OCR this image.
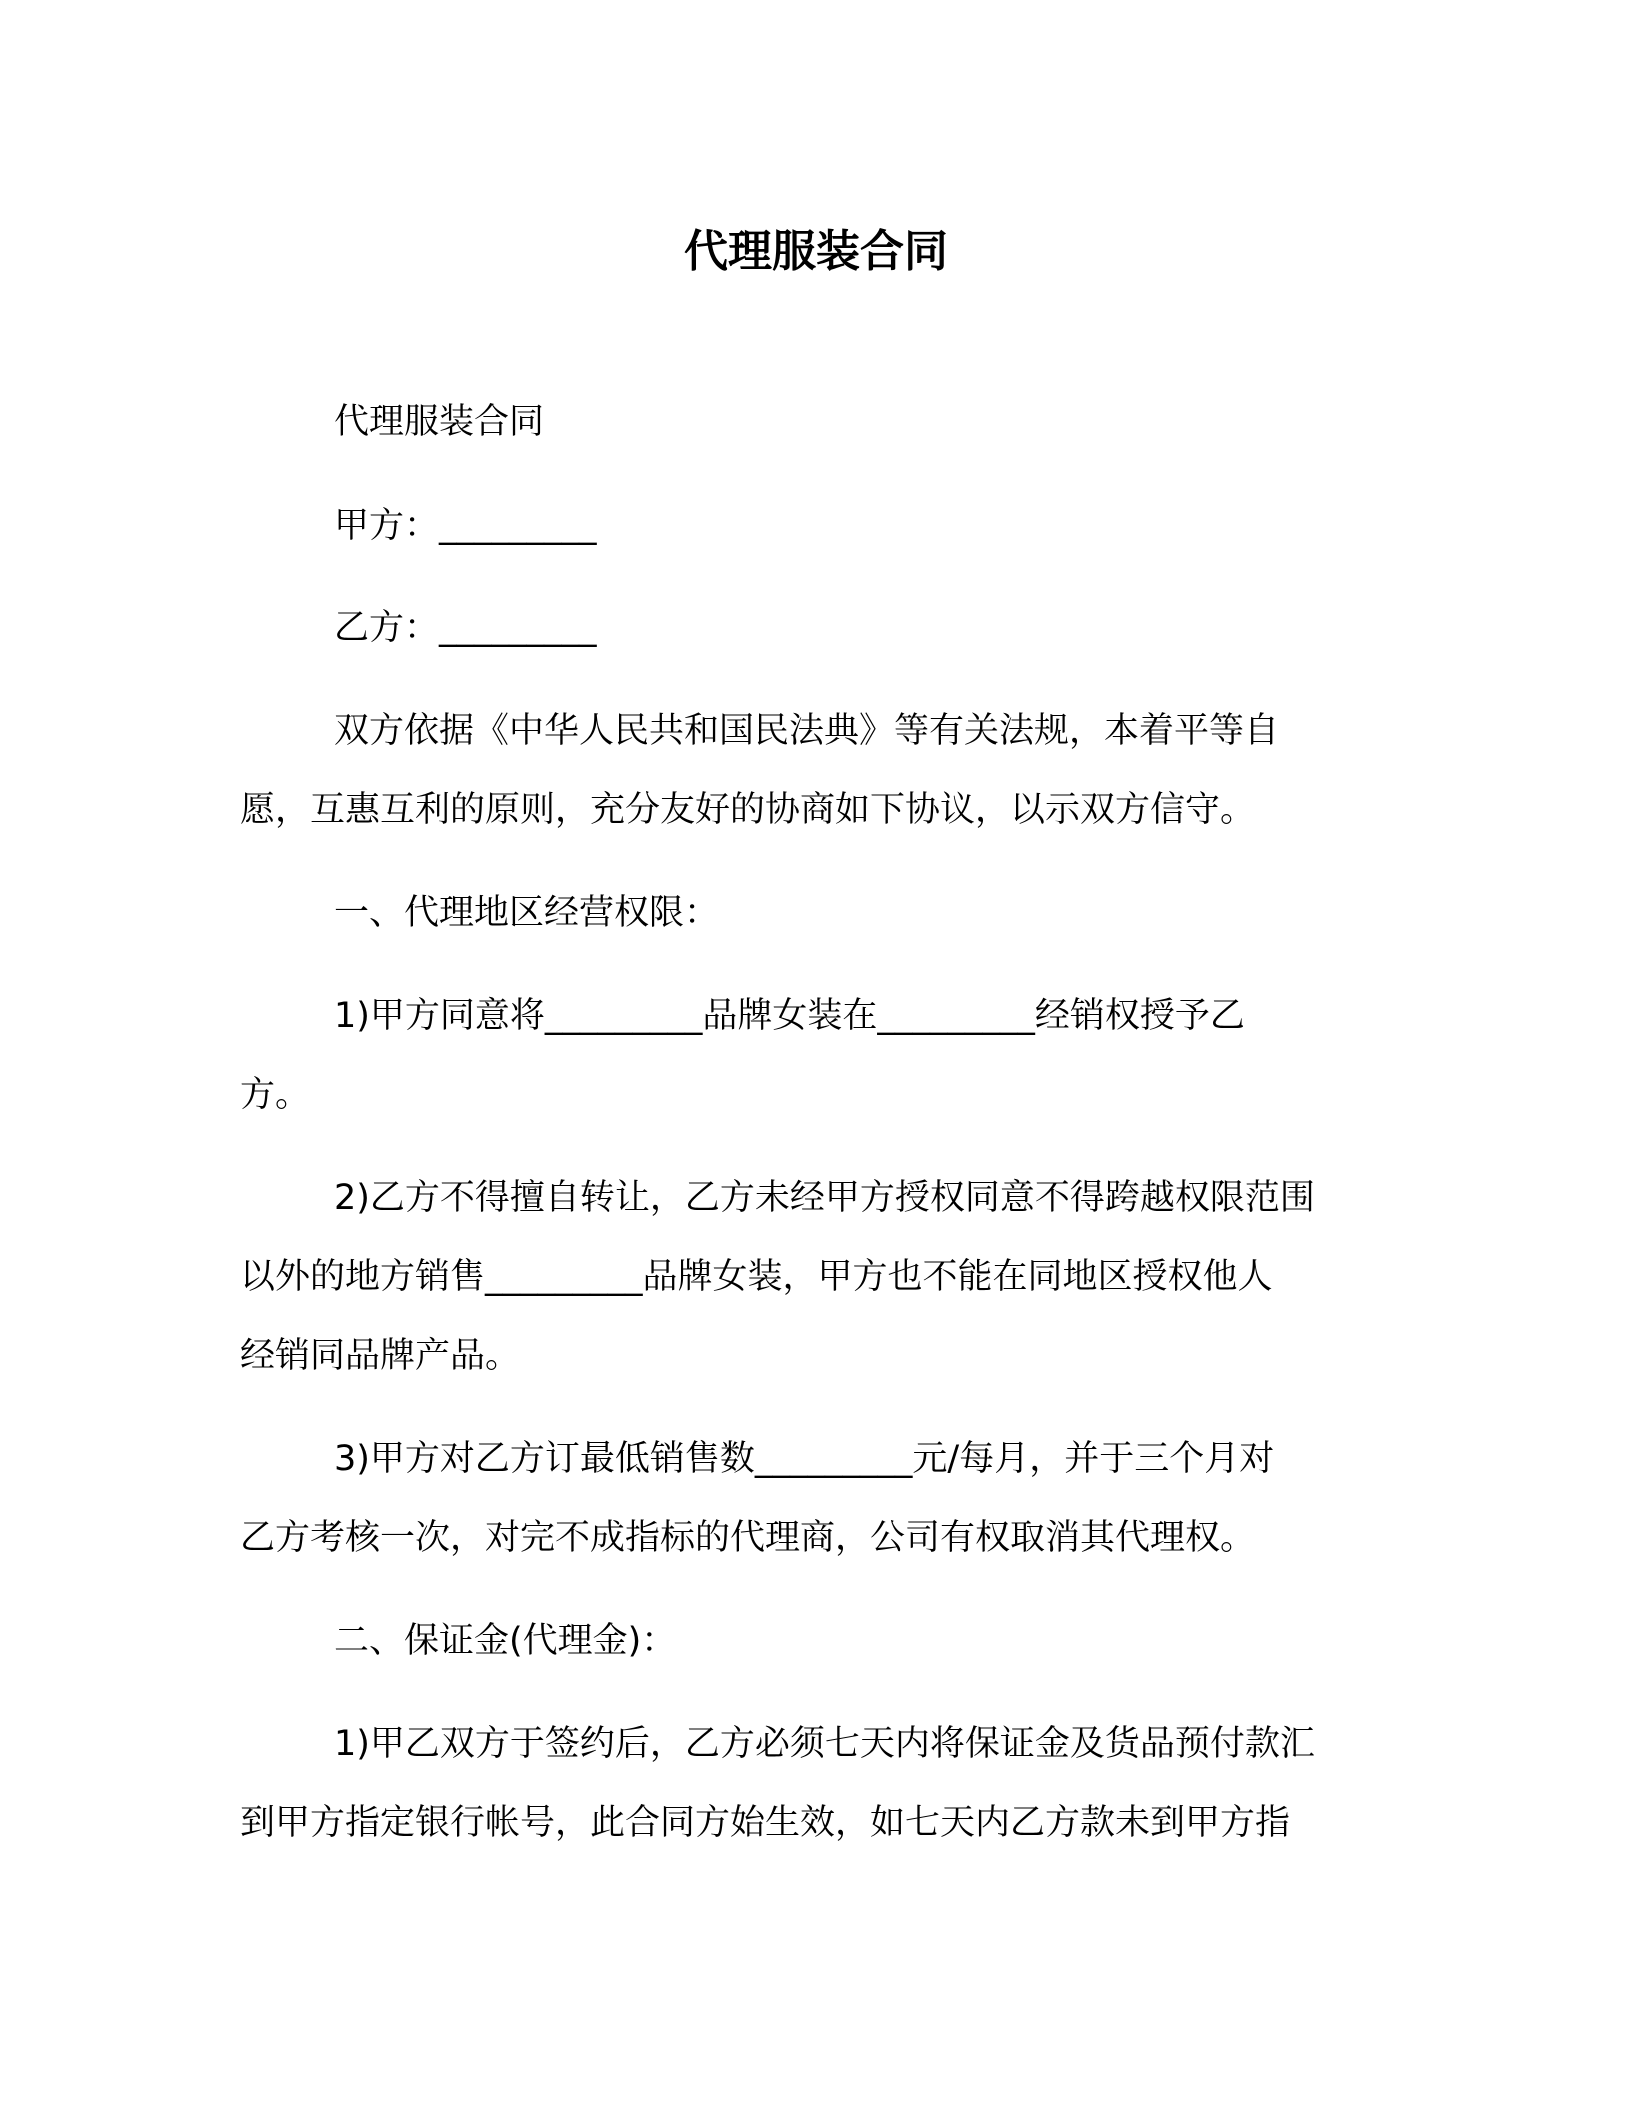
代理服装合同

代理服装合同

甲方：_________

乙方：_________

双方依据《中华人民共和国民法典》等有关法规，本着平等自

愿，互惠互利的原则，充分友好的协商如下协议，以示双方信守。

一、代理地区经营权限：

1)甲方同意将_________品牌女装在_________经销权授予乙

方。

2)乙方不得擅自转让，乙方未经甲方授权同意不得跨越权限范围

以外的地方销售_________品牌女装，甲方也不能在同地区授权他人

经销同品牌产品。

3)甲方对乙方订最低销售数_________元/每月，并于三个月对

乙方考核一次，对完不成指标的代理商，公司有权取消其代理权。

二、保证金(代理金)：

1)甲乙双方于签约后，乙方必须七天内将保证金及货品预付款汇

到甲方指定银行帐号，此合同方始生效，如七天内乙方款未到甲方指
